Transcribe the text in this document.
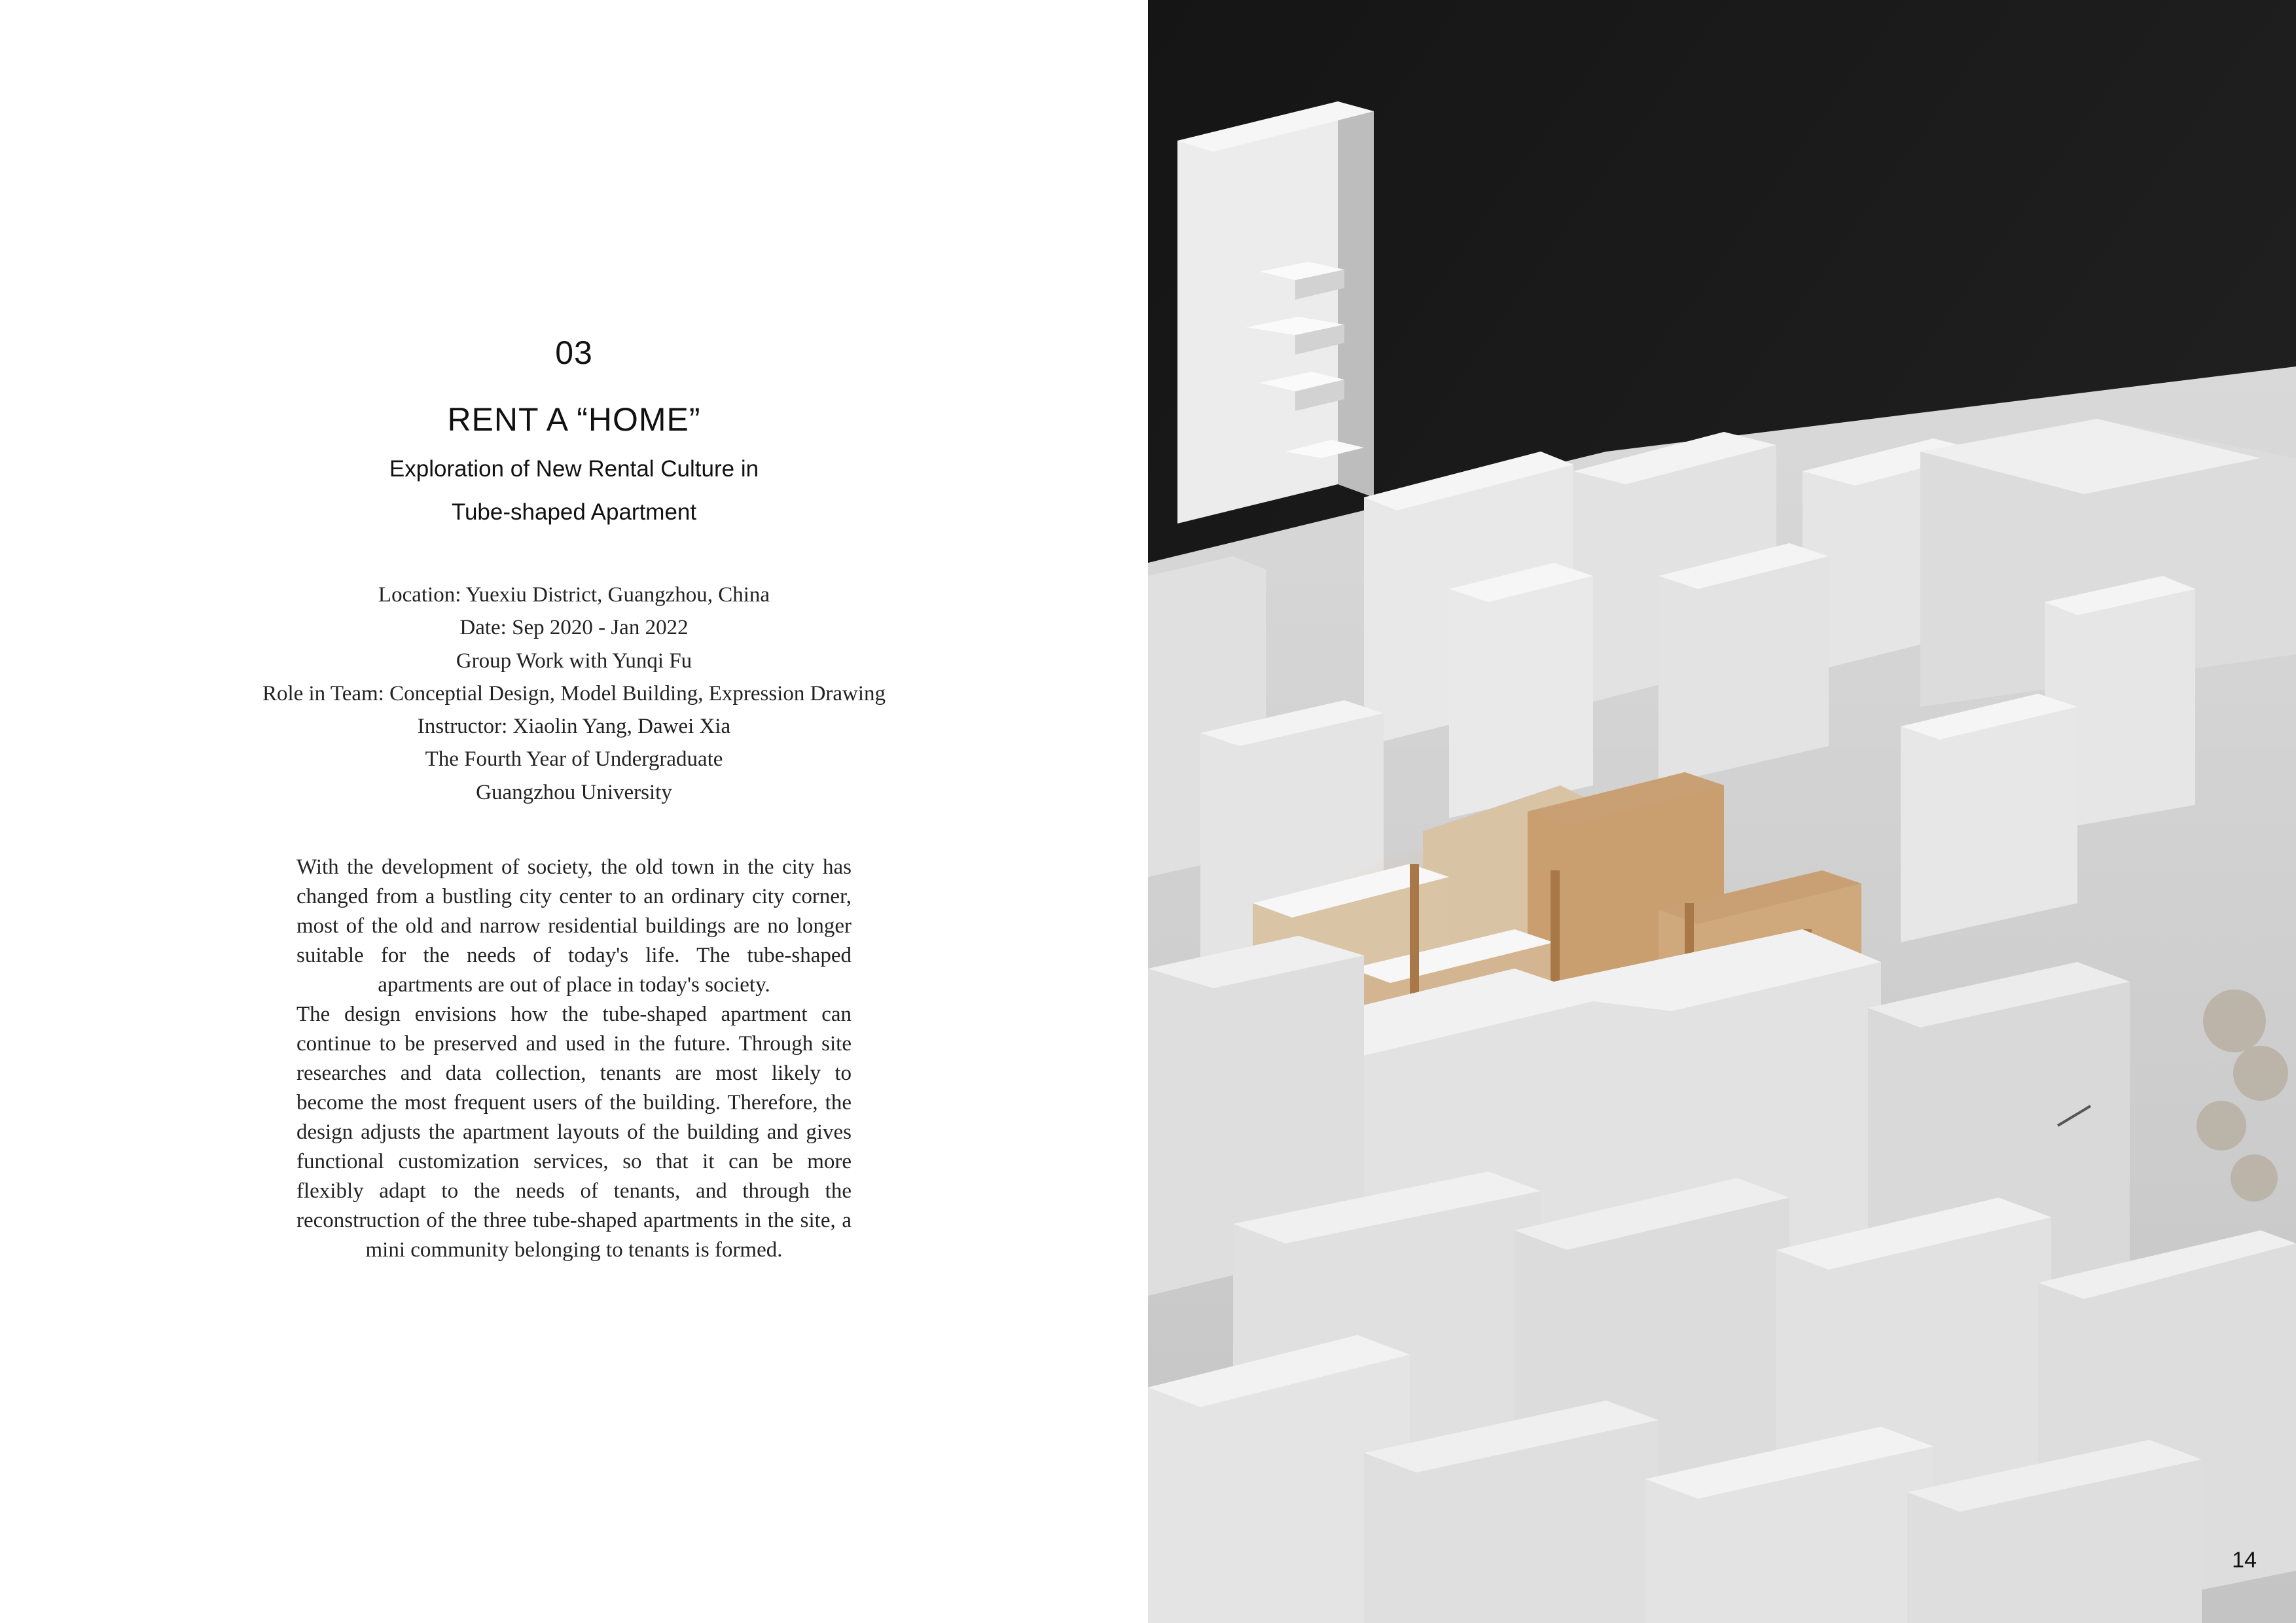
03
RENT A “HOME”
Exploration of New Rental Culture in
Tube-shaped Apartment
Location: Yuexiu District, Guangzhou, China
Date: Sep 2020 - Jan 2022
Group Work with Yunqi Fu
Role in Team: Conceptial Design, Model Building, Expression Drawing
Instructor: Xiaolin Yang, Dawei Xia
The Fourth Year of Undergraduate
Guangzhou University

With the development of society, the old town in the city has changed from a bustling city center to an ordinary city corner, most of the old and narrow residential buildings are no longer suitable for the needs of today's life. The tube-shaped apartments are out of place in today's society.

The design envisions how the tube-shaped apartment can continue to be preserved and used in the future. Through site researches and data collection, tenants are most likely to become the most frequent users of the building. Therefore, the design adjusts the apartment layouts of the building and gives functional customization services, so that it can be more flexibly adapt to the needs of tenants, and through the reconstruction of the three tube-shaped apartments in the site, a mini community belonging to tenants is formed.

14
